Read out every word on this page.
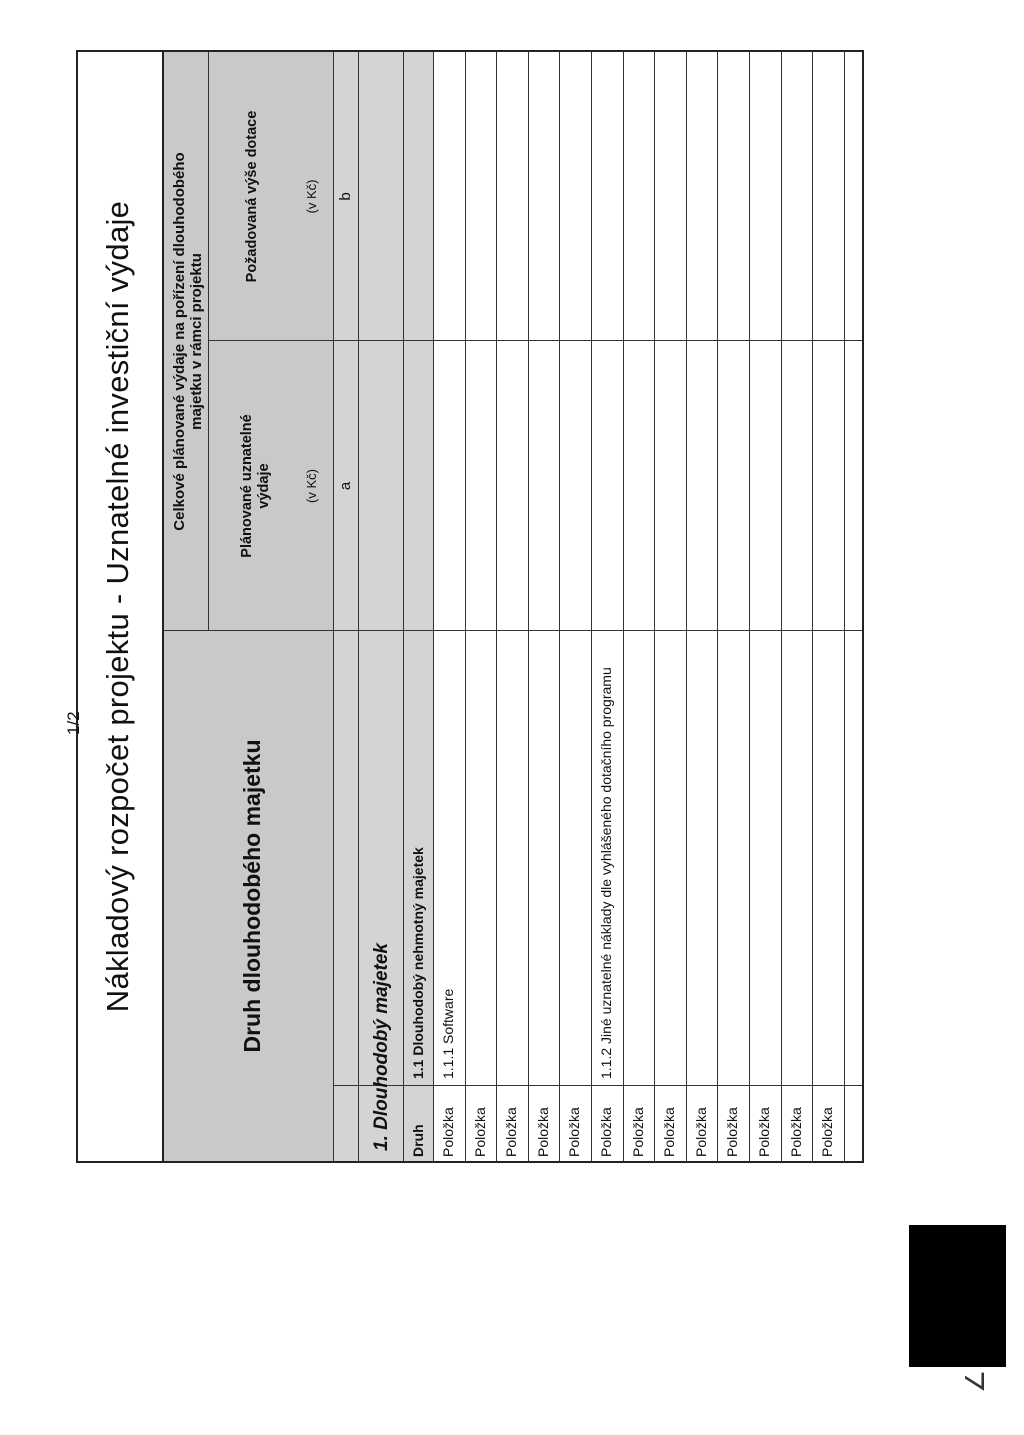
Nákladový rozpočet projektu - Uznatelné investiční výdaje	Druh dlouhodobého majetku
Celkové plánované výdaje na pořízení dlouhodobého majetku v rámci projektu
Plánované uznatelné výdaje (v Kč) a
Požadovaná výše dotace	(v Kč) b
1. Dlouhodobý majetek Druh
1.1 Dlouhodobý nehmotný majetek
Položka
1.1.1 Software
Položka Položka Položka Položka Položka
1.1.2 Jiné uznatelné náklady dle vyhlášeného dotačního programu
Položka Položka Položka Položka Položka Položka Položka
1/2
∠
